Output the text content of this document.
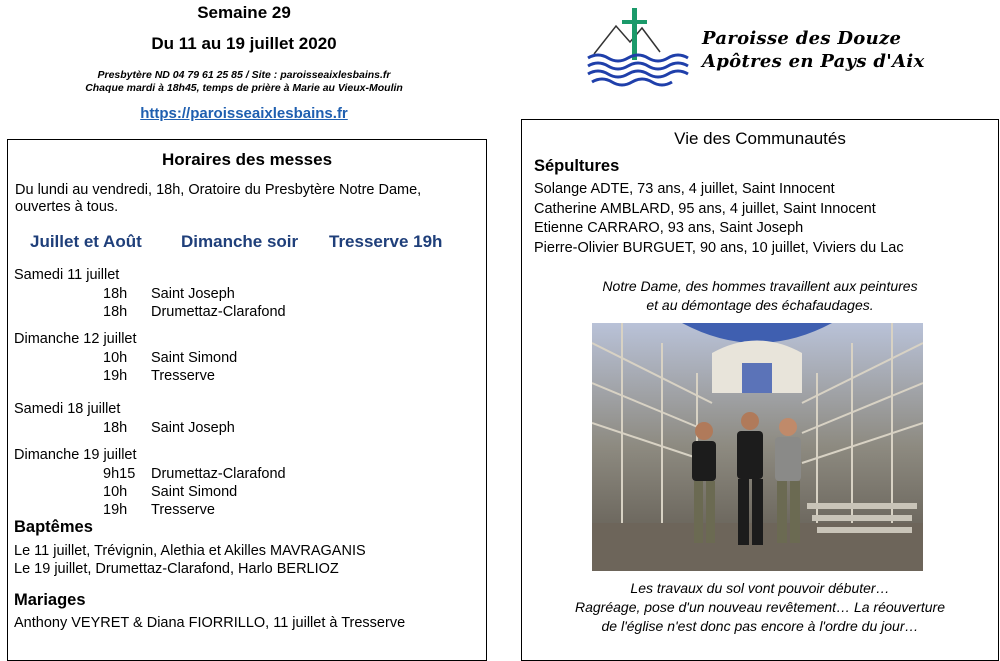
Semaine 29
Du 11 au 19 juillet 2020
Presbytère ND 04 79 61 25 85 / Site : paroisseaixlesbains.fr
Chaque mardi à 18h45, temps de prière à Marie au Vieux-Moulin
https://paroisseaixlesbains.fr
Paroisse des Douze
Apôtres en Pays d'Aix
Horaires des messes
Du lundi au vendredi, 18h, Oratoire du Presbytère Notre Dame,
ouvertes à tous.
Juillet et Août Dimanche soir Tresserve 19h
Samedi 11 juillet
18h Saint Joseph
18h Drumettaz-Clarafond
Dimanche 12 juillet
10h Saint Simond
19h Tresserve
Samedi 18 juillet
18h Saint Joseph
Dimanche 19 juillet
9h15 Drumettaz-Clarafond
10h Saint Simond
19h Tresserve
Baptêmes
Le 11 juillet, Trévignin, Alethia et Akilles MAVRAGANIS
Le 19 juillet, Drumettaz-Clarafond, Harlo BERLIOZ
Mariages
Anthony VEYRET & Diana FIORRILLO, 11 juillet à Tresserve
Vie des Communautés
Sépultures
Solange ADTE, 73 ans, 4 juillet, Saint Innocent
Catherine AMBLARD, 95 ans, 4 juillet, Saint Innocent
Etienne CARRARO, 93 ans, Saint Joseph
Pierre-Olivier BURGUET, 90 ans, 10 juillet, Viviers du Lac
Notre Dame, des hommes travaillent aux peintures
et au démontage des échafaudages.
Les travaux du sol vont pouvoir débuter…
Ragréage, pose d'un nouveau revêtement… La réouverture
de l'église n'est donc pas encore à l'ordre du jour…
